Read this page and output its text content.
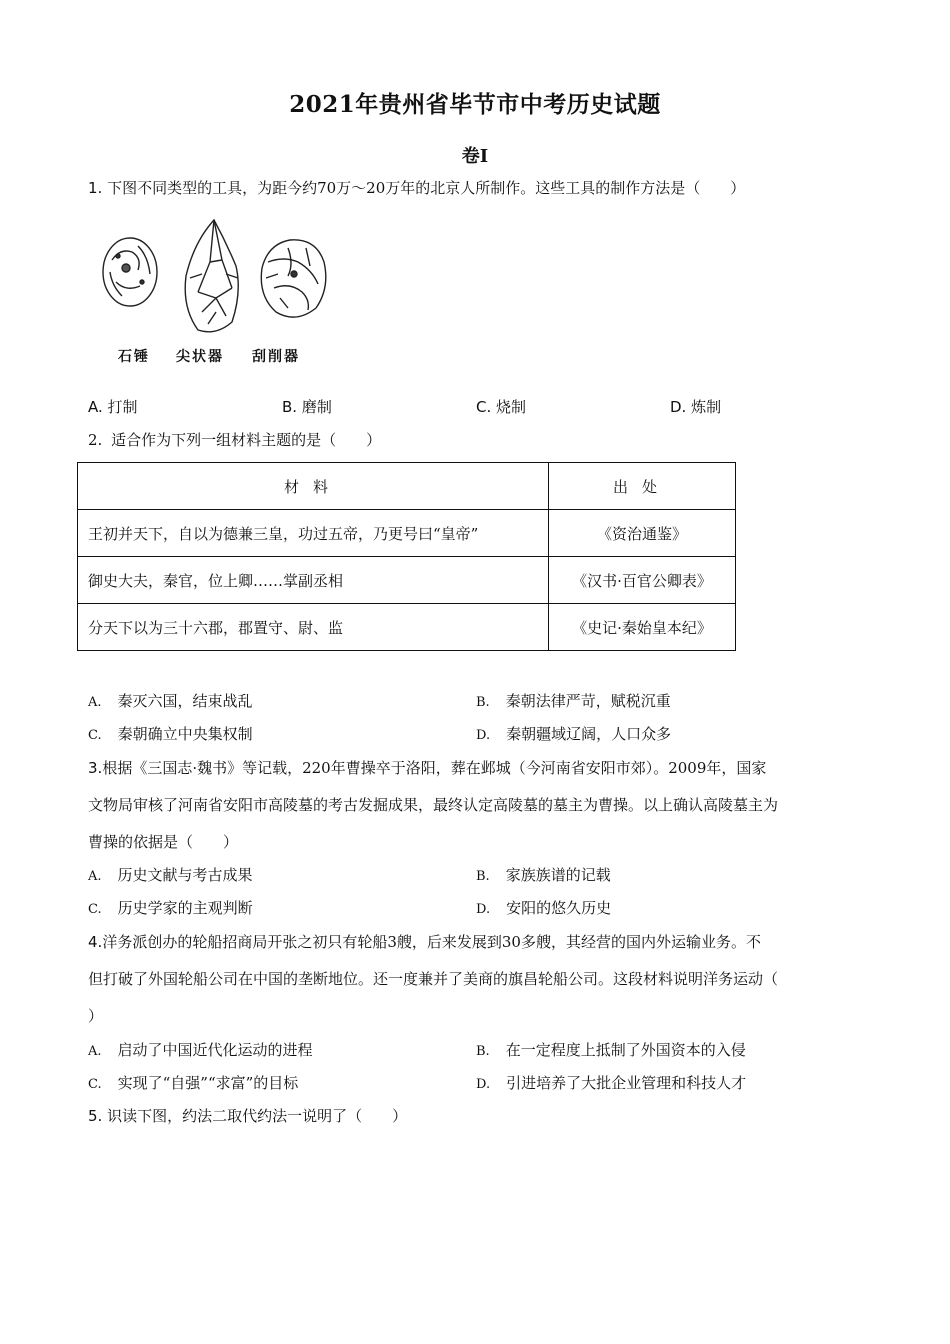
2021年贵州省毕节市中考历史试题
卷Ⅰ
1. 下图不同类型的工具，为距今约70万～20万年的北京人所制作。这些工具的制作方法是（　　）
石锤 尖状器 刮削器
A. 打制	B. 磨制	C. 烧制	D. 炼制
2. 适合作为下列一组材料主题的是（　　）
材料	出处
王初并天下，自以为德兼三皇，功过五帝，乃更号曰“皇帝”	《资治通鉴》
御史大夫，秦官，位上卿……掌副丞相	《汉书·百官公卿表》
分天下以为三十六郡，郡置守、尉、监	《史记·秦始皇本纪》
A. 秦灭六国，结束战乱	B. 秦朝法律严苛，赋税沉重
C. 秦朝确立中央集权制	D. 秦朝疆域辽阔，人口众多
3.根据《三国志·魏书》等记载，220年曹操卒于洛阳，葬在邺城（今河南省安阳市郊）。2009年，国家
文物局审核了河南省安阳市高陵墓的考古发掘成果，最终认定高陵墓的墓主为曹操。以上确认高陵墓主为
曹操的依据是（　　）
A. 历史文献与考古成果	B. 家族族谱的记载
C. 历史学家的主观判断	D. 安阳的悠久历史
4.洋务派创办的轮船招商局开张之初只有轮船3艘，后来发展到30多艘，其经营的国内外运输业务。不
但打破了外国轮船公司在中国的垄断地位。还一度兼并了美商的旗昌轮船公司。这段材料说明洋务运动（
）
A. 启动了中国近代化运动的进程	B. 在一定程度上抵制了外国资本的入侵
C. 实现了“自强”“求富”的目标	D. 引进培养了大批企业管理和科技人才
5. 识读下图，约法二取代约法一说明了（　　）
